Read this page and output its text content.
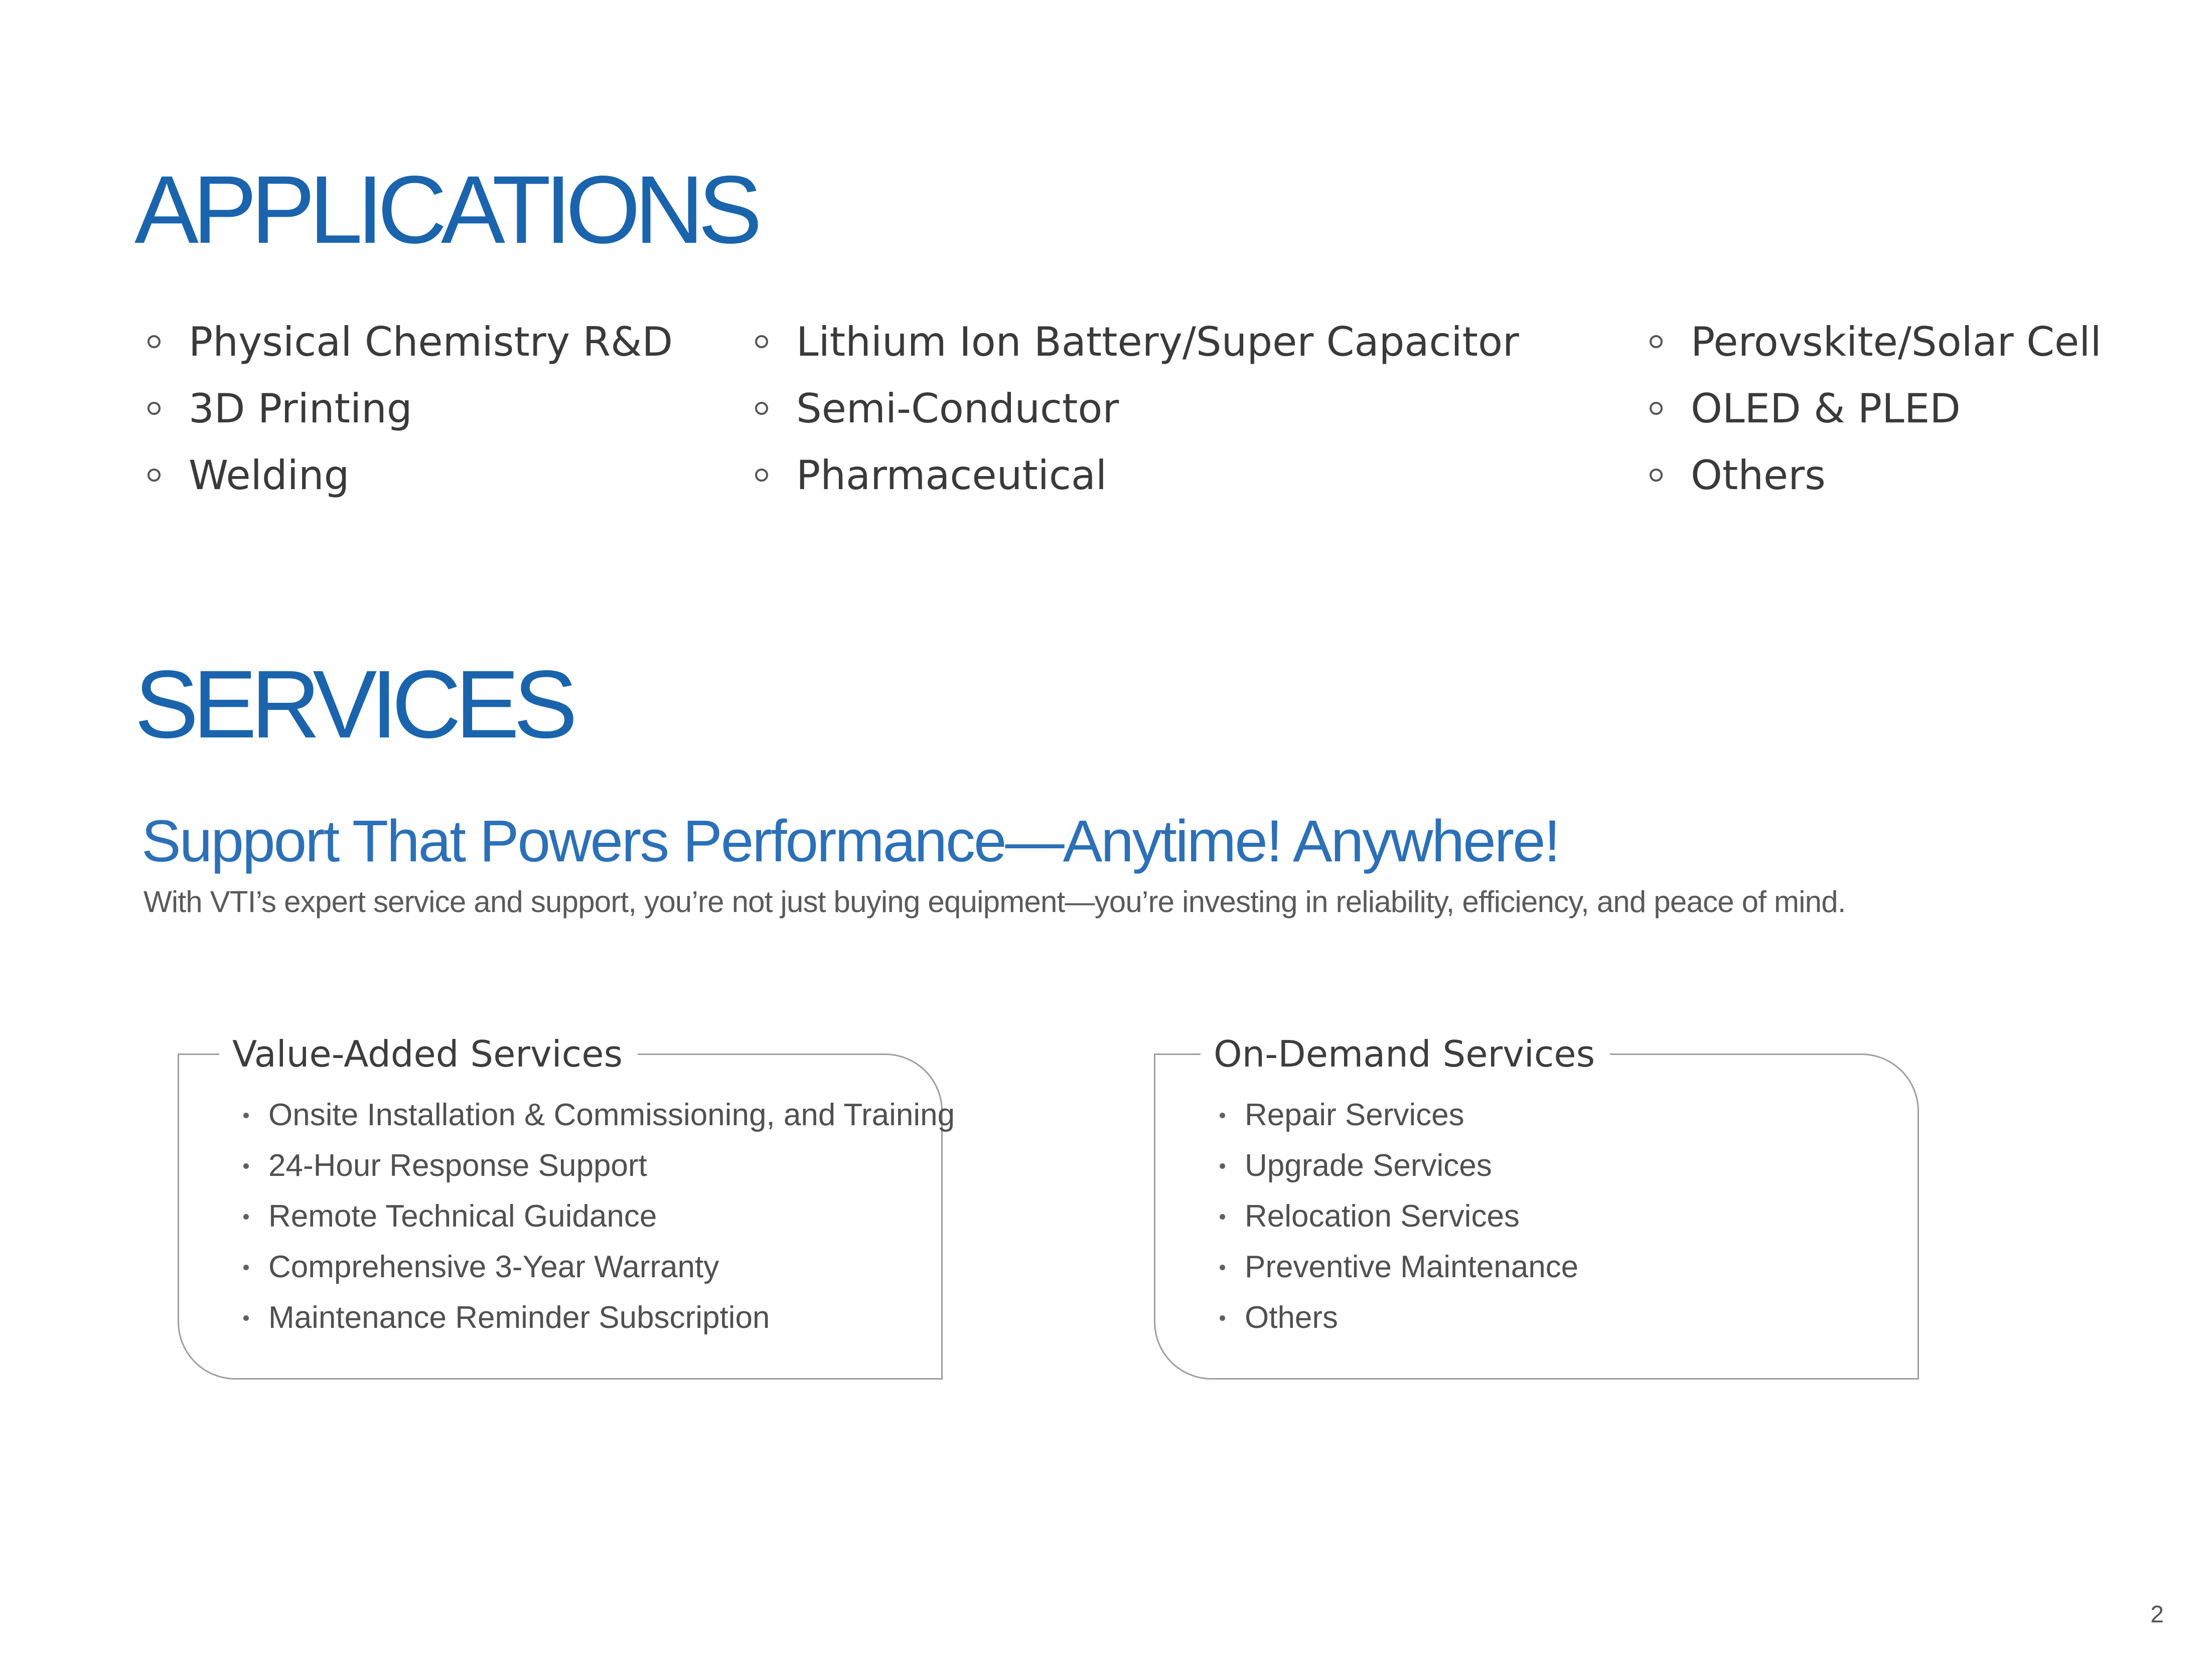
APPLICATIONS
Physical Chemistry R&D
3D Printing
Welding
Lithium Ion Battery/Super Capacitor
Semi-Conductor
Pharmaceutical
Perovskite/Solar Cell
OLED & PLED
Others
SERVICES
Support That Powers Performance—Anytime! Anywhere!
With VTI’s expert service and support, you’re not just buying equipment—you’re investing in reliability, efficiency, and peace of mind.
Value-Added Services
Onsite Installation & Commissioning, and Training
24-Hour Response Support
Remote Technical Guidance
Comprehensive 3-Year Warranty
Maintenance Reminder Subscription
On-Demand Services
Repair Services
Upgrade Services
Relocation Services
Preventive Maintenance
Others
2
